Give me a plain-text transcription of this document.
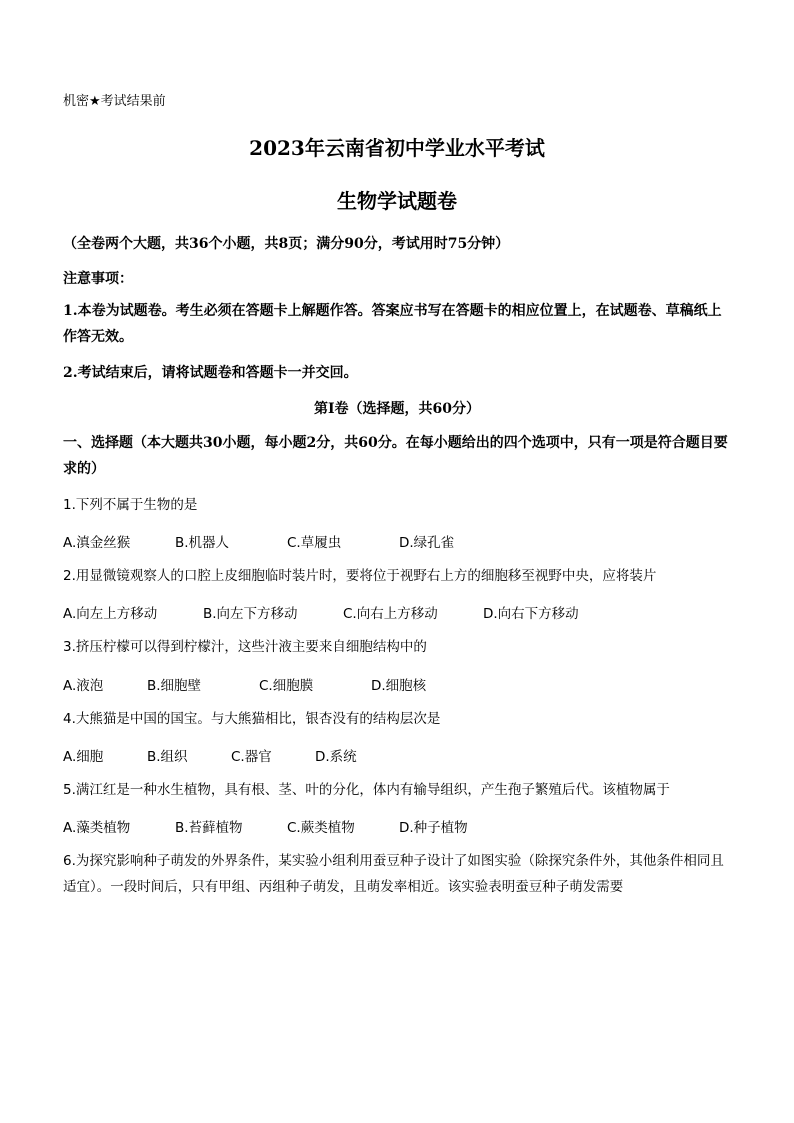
机密★考试结果前
2023年云南省初中学业水平考试
生物学试题卷
（全卷两个大题，共36个小题，共8页；满分90分，考试用时75分钟）
注意事项：
1.本卷为试题卷。考生必须在答题卡上解题作答。答案应书写在答题卡的相应位置上，在试题卷、草稿纸上作答无效。
2.考试结束后，请将试题卷和答题卡一并交回。
第Ⅰ卷（选择题，共60分）
一、选择题（本大题共30小题，每小题2分，共60分。在每小题给出的四个选项中，只有一项是符合题目要求的）
1.下列不属于生物的是
A.滇金丝猴	B.机器人	C.草履虫	D.绿孔雀
2.用显微镜观察人的口腔上皮细胞临时装片时，要将位于视野右上方的细胞移至视野中央，应将装片
A.向左上方移动	B.向左下方移动	C.向右上方移动	D.向右下方移动
3.挤压柠檬可以得到柠檬汁，这些汁液主要来自细胞结构中的
A.液泡	B.细胞壁	C.细胞膜	D.细胞核
4.大熊猫是中国的国宝。与大熊猫相比，银杏没有的结构层次是
A.细胞	B.组织	C.器官	D.系统
5.满江红是一种水生植物，具有根、茎、叶的分化，体内有输导组织，产生孢子繁殖后代。该植物属于
A.藻类植物	B.苔藓植物	C.蕨类植物	D.种子植物
6.为探究影响种子萌发的外界条件，某实验小组利用蚕豆种子设计了如图实验（除探究条件外，其他条件相同且适宜）。一段时间后，只有甲组、丙组种子萌发，且萌发率相近。该实验表明蚕豆种子萌发需要
